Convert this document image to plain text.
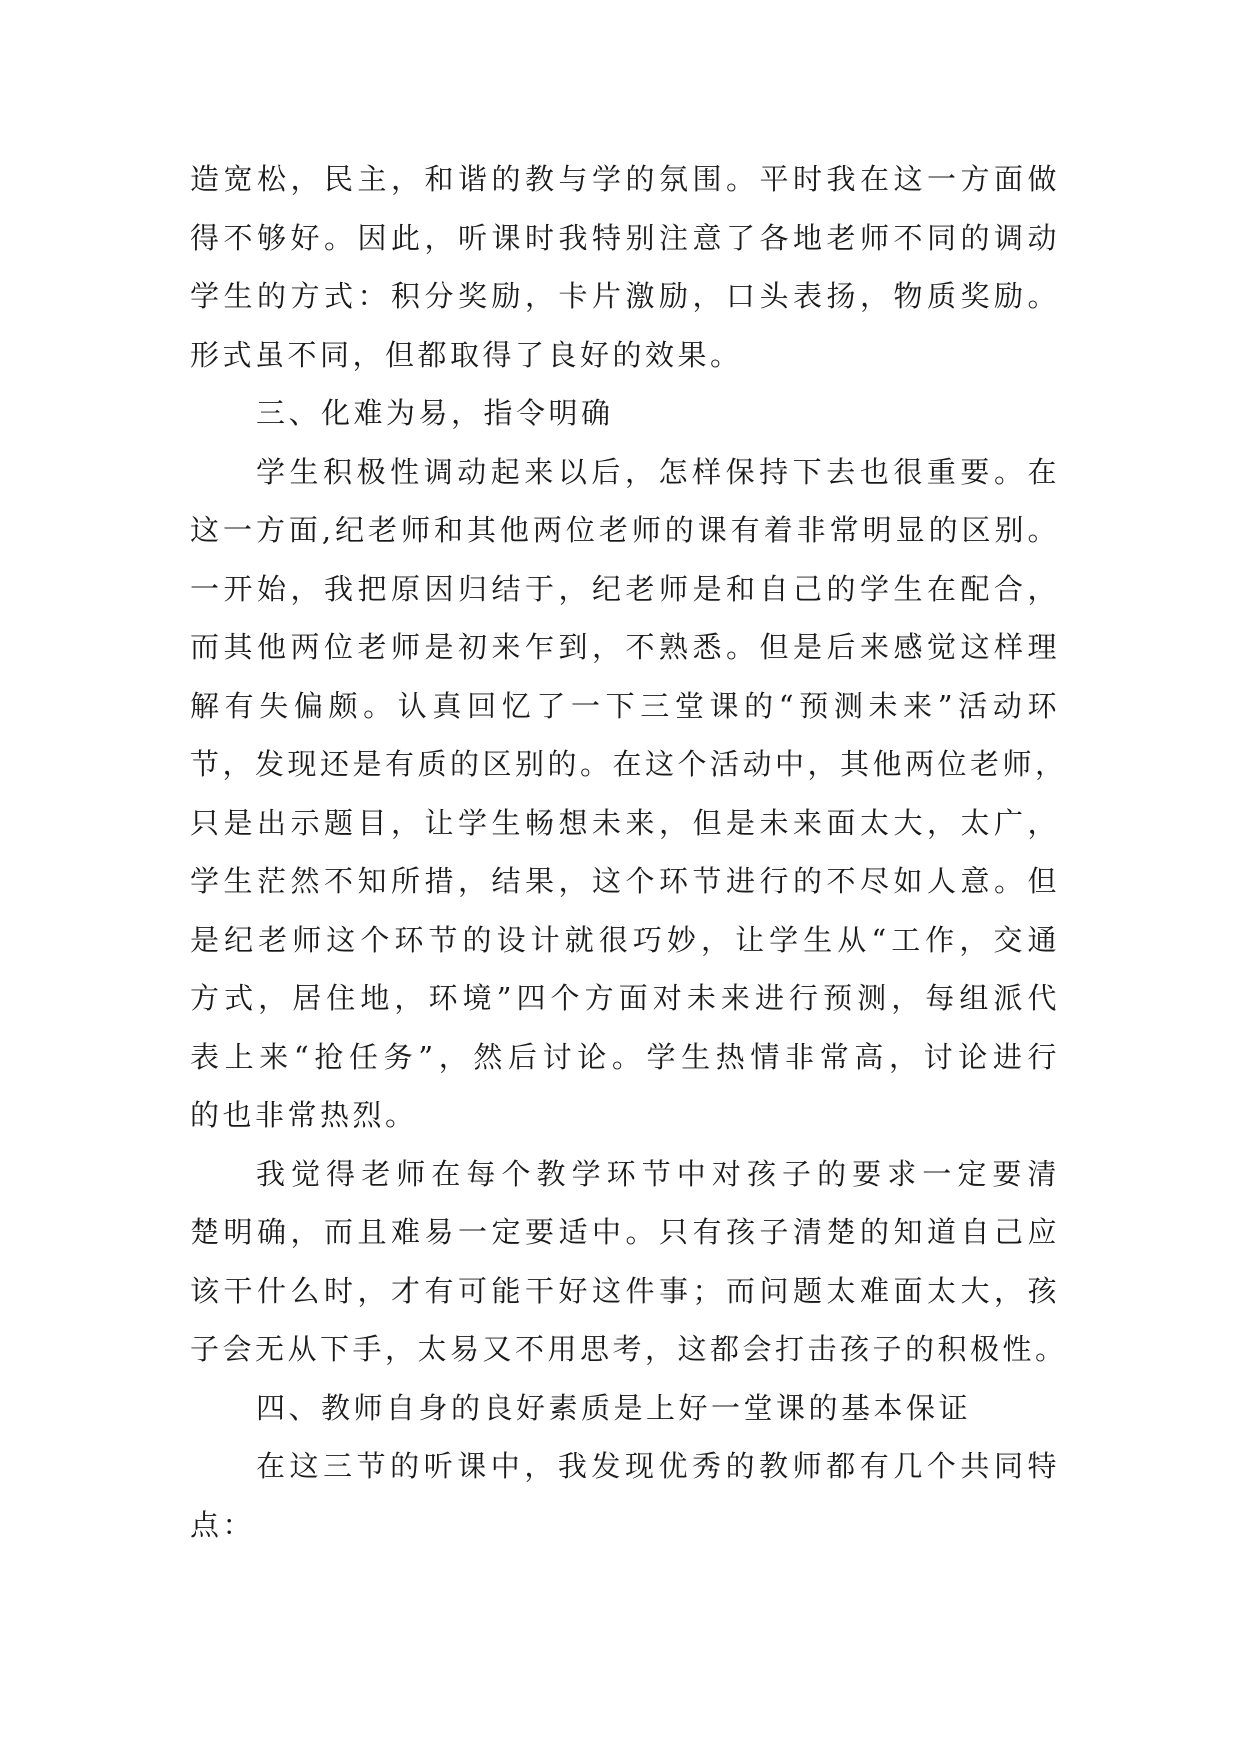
造宽松，民主，和谐的教与学的氛围。平时我在这一方面做
得不够好。因此，听课时我特别注意了各地老师不同的调动
学生的方式：积分奖励，卡片激励，口头表扬，物质奖励。
形式虽不同，但都取得了良好的效果。
三、化难为易，指令明确
学生积极性调动起来以后，怎样保持下去也很重要。在
这一方面,纪老师和其他两位老师的课有着非常明显的区别。
一开始，我把原因归结于，纪老师是和自己的学生在配合，
而其他两位老师是初来乍到，不熟悉。但是后来感觉这样理
解有失偏颇。认真回忆了一下三堂课的“预测未来”活动环
节，发现还是有质的区别的。在这个活动中，其他两位老师，
只是出示题目，让学生畅想未来，但是未来面太大，太广，
学生茫然不知所措，结果，这个环节进行的不尽如人意。但
是纪老师这个环节的设计就很巧妙，让学生从“工作，交通
方式，居住地，环境”四个方面对未来进行预测，每组派代
表上来“抢任务”，然后讨论。学生热情非常高，讨论进行
的也非常热烈。
我觉得老师在每个教学环节中对孩子的要求一定要清
楚明确，而且难易一定要适中。只有孩子清楚的知道自己应
该干什么时，才有可能干好这件事；而问题太难面太大，孩
子会无从下手，太易又不用思考，这都会打击孩子的积极性。
四、教师自身的良好素质是上好一堂课的基本保证
在这三节的听课中，我发现优秀的教师都有几个共同特
点：
